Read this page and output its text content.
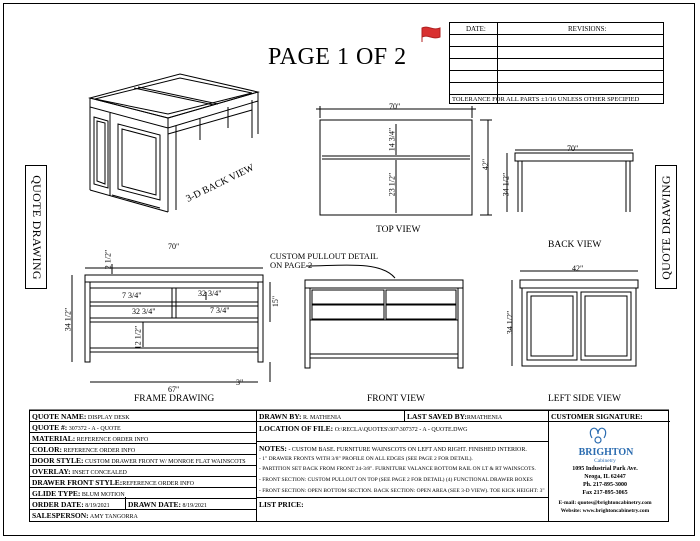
QUOTE DRAWING	QUOTE DRAWING
PAGE 1 OF 2
DATE:	REVISIONS:
TOLERANCE FOR ALL PARTS ±1/16 UNLESS OTHER SPECIFIED
3-D BACK VIEW
TOP VIEW
BACK VIEW
FRAME DRAWING	FRONT VIEW	LEFT SIDE VIEW
CUSTOM PULLOUT DETAIL ON PAGE 2
70"
42"
14 3/4"
23 1/2"
70"
34 1/2"
70"
34 1/2"
67"
2 1/2"
7 3/4"	32 3/4"
32 3/4"	7 3/4"
12 1/2"
15"
3"
42"
34 1/2"
QUOTE NAME: DISPLAY DESK
QUOTE #: 307372 - A - QUOTE
MATERIAL: REFERENCE ORDER INFO
COLOR: REFERENCE ORDER INFO
DOOR STYLE: CUSTOM DRAWER FRONT W/ MONROE FLAT WAINSCOTS
OVERLAY: INSET CONCEALED
DRAWER FRONT STYLE:REFERENCE ORDER INFO
GLIDE TYPE: BLUM MOTION
ORDER DATE: 8/19/2021	DRAWN DATE: 8/19/2021
SALESPERSON: AMY TANGORRA
DRAWN BY: R. MATHENIA	LAST SAVED BY:RMATHENIA
LOCATION OF FILE: O:\RECLA\QUOTES\307\307372 - A - QUOTE.DWG
NOTES: - CUSTOM BASE. FURNITURE WAINSCOTS ON LEFT AND RIGHT. FINISHED INTERIOR.
- 1" DRAWER FRONTS WITH 3/8" PROFILE ON ALL EDGES (SEE PAGE 2 FOR DETAIL).
- PARTITION SET BACK FROM FRONT 24-3/8". FURNITURE VALANCE BOTTOM RAIL ON LT & RT WAINSCOTS.
- FRONT SECTION: CUSTOM PULLOUT ON TOP (SEE PAGE 2 FOR DETAIL) (4) FUNCTIONAL DRAWER BOXES
- FRONT SECTION: OPEN BOTTOM SECTION. BACK SECTION: OPEN AREA (SEE 3-D VIEW). TOE KICK HEIGHT: 3"
LIST PRICE:
CUSTOMER SIGNATURE:
BRIGHTON
Cabinetry
1095 Industrial Park Ave.
Neoga, IL 62447
Ph. 217-895-3000
Fax 217-895-3065
E-mail: quotes@brightoncabinetry.com
Website: www.brightoncabinetry.com
